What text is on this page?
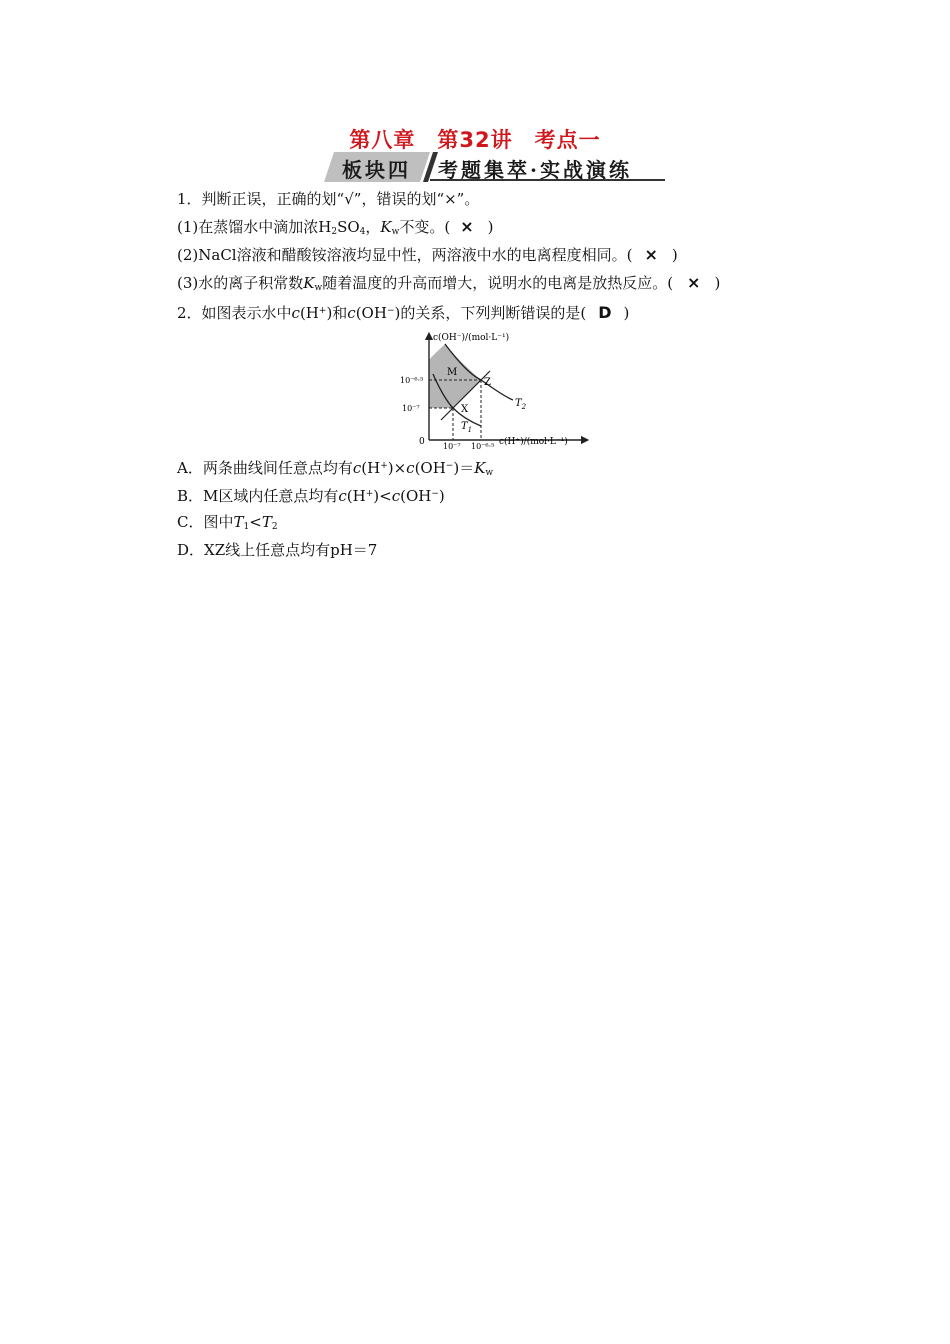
第八章　第32讲　考点一
板块四 考题集萃·实战演练
1．判断正误，正确的划“√”，错误的划“×”。
(1)在蒸馏水中滴加浓$H_2SO_4$，$K_w$不变。( × )
(2)NaCl溶液和醋酸铵溶液均显中性，两溶液中水的电离程度相同。( × )
(3)水的离子积常数$K_w$随着温度的升高而增大，说明水的电离是放热反应。( × )
2．如图表示水中c(H+)和c(OH−)的关系，下列判断错误的是( D )
c(OH⁻)/(mol·L⁻¹)
c(H⁺)/(mol·L⁻¹)
0
10⁻⁶·⁵
10⁻⁷
10⁻⁷ 10⁻⁶·⁵
M
Z
X
$T_2$
$T_1$
A．两条曲线间任意点均有$c(H^+)\times c(OH^-)=K_w$
B．M区域内任意点均有c(H+)<c(OH−)
C．图中$T_1<T_2$
D．XZ线上任意点均有pH＝7
